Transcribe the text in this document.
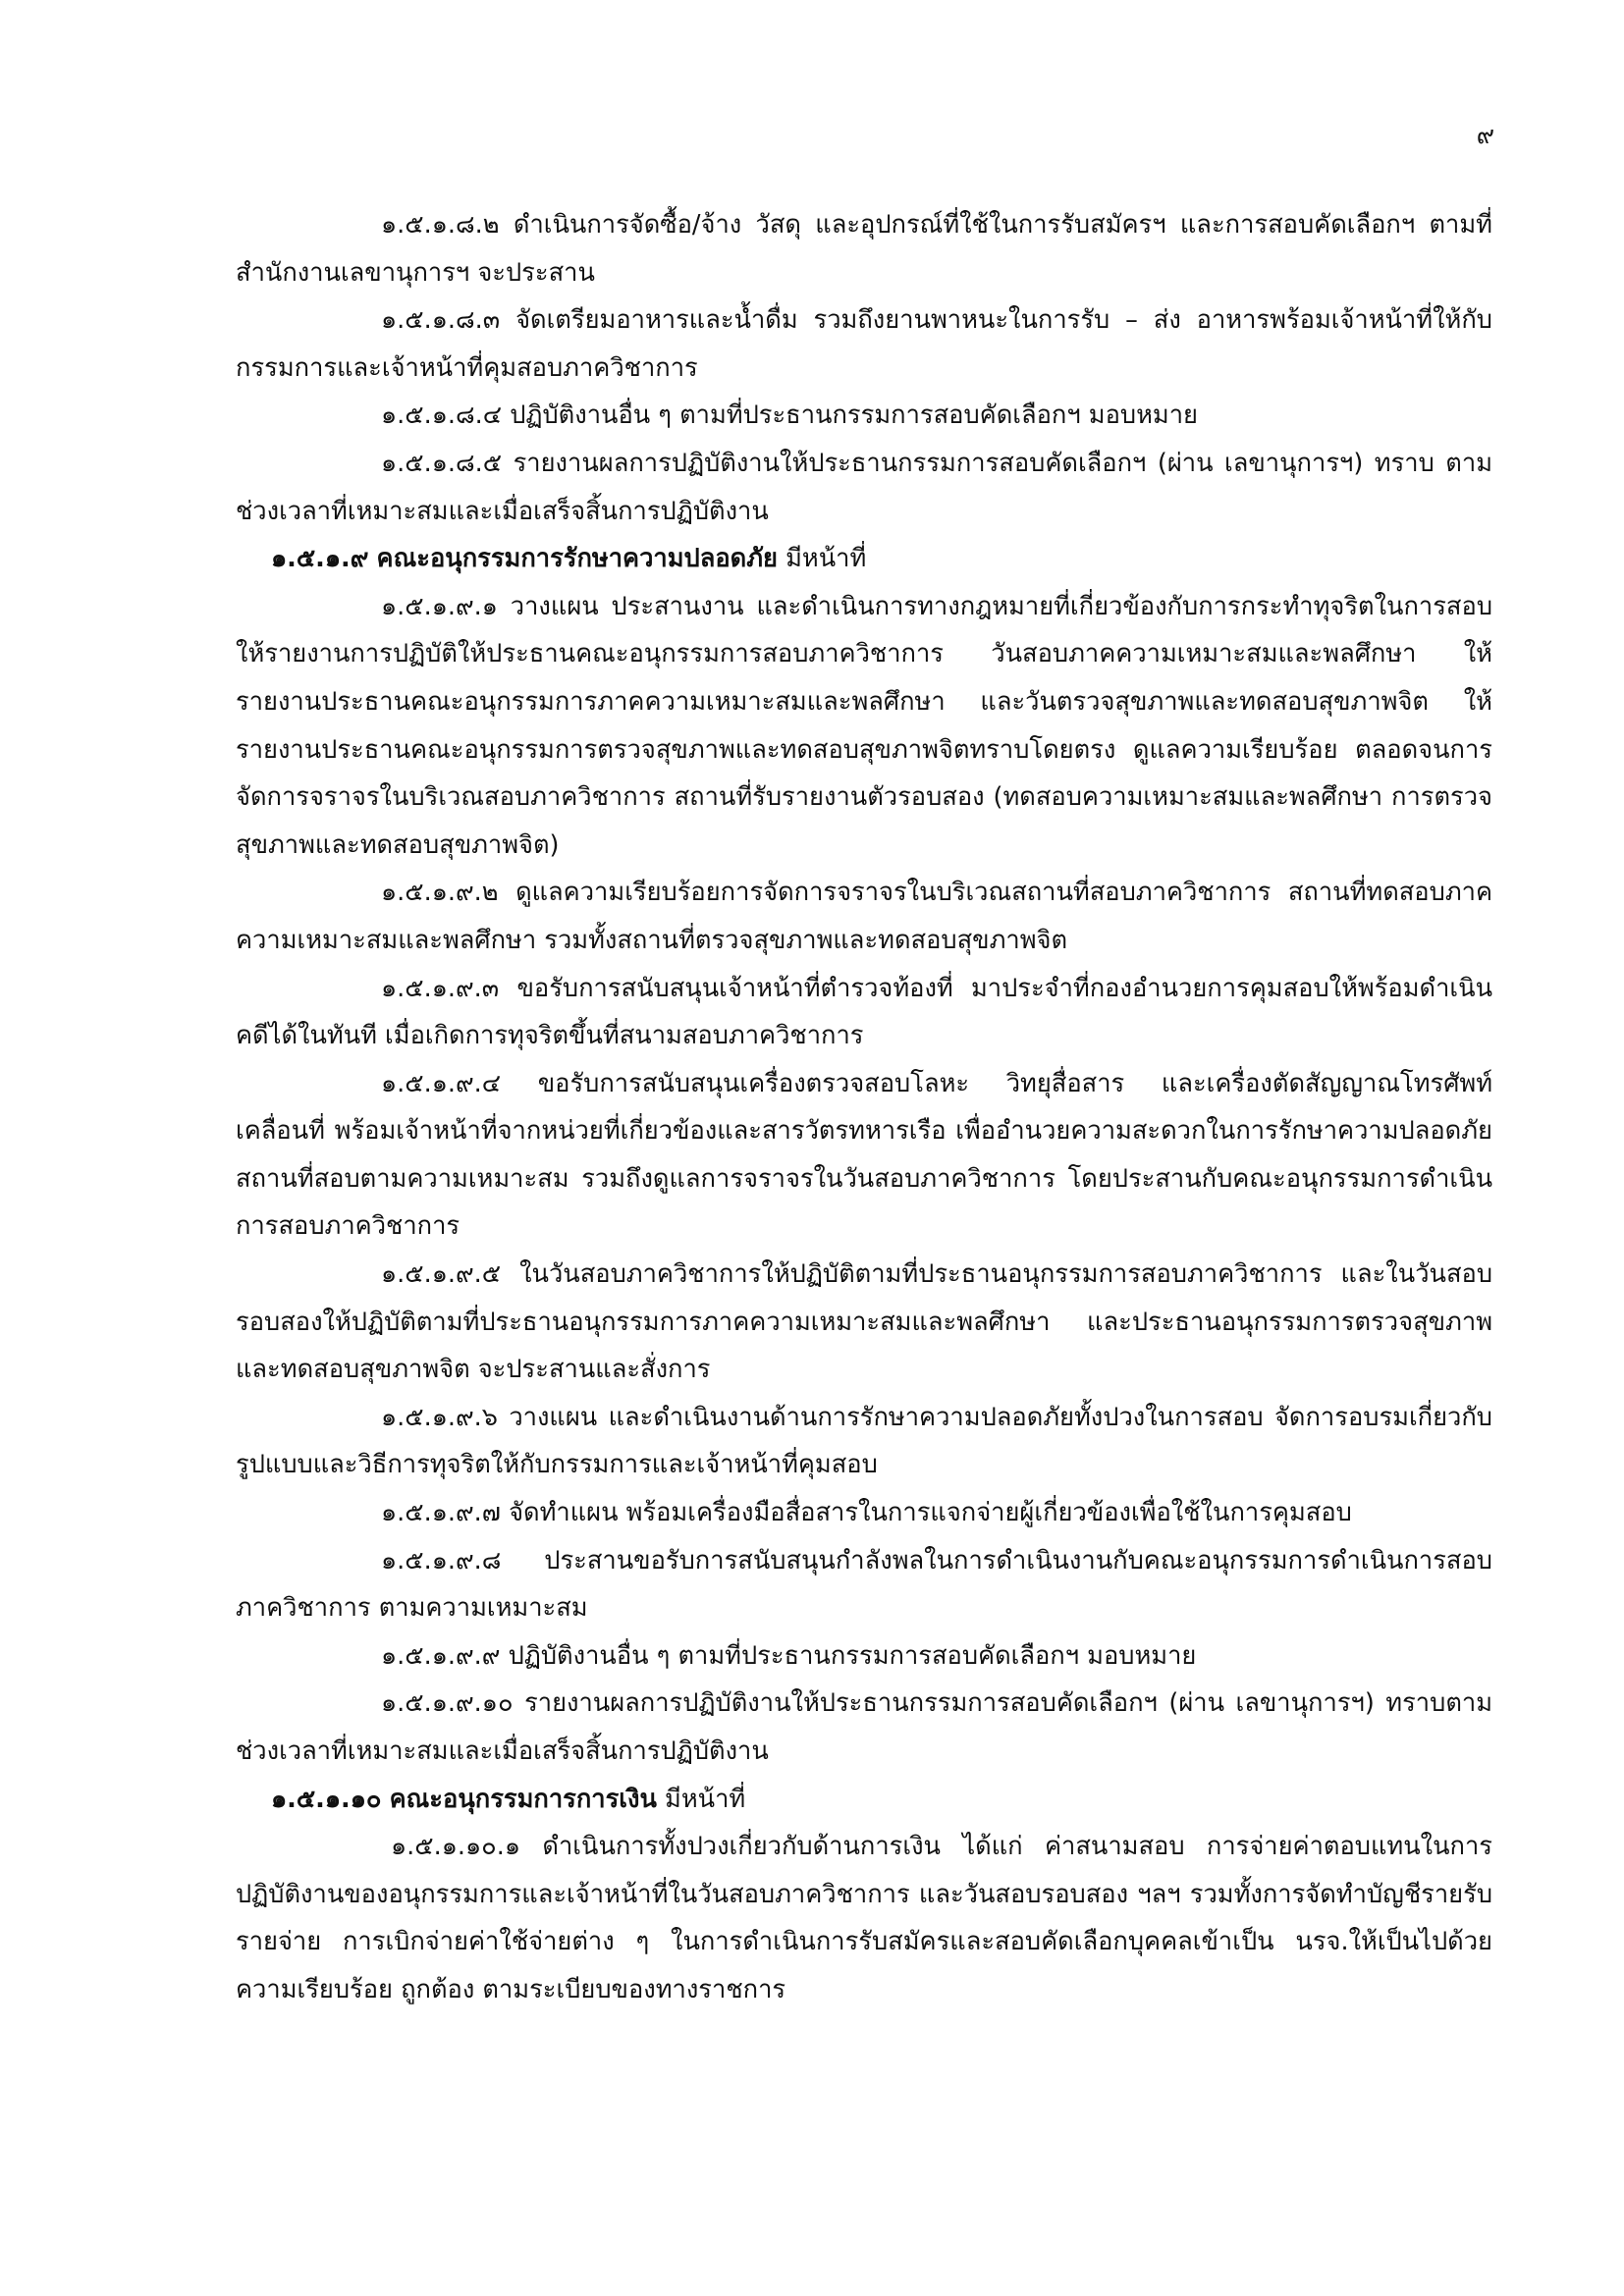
๙

๑.๕.๑.๘.๒ ดำเนินการจัดซื้อ/จ้าง วัสดุ และอุปกรณ์ที่ใช้ในการรับสมัครฯ และการสอบคัดเลือกฯ ตามที่สำนักงานเลขานุการฯ จะประสาน

๑.๕.๑.๘.๓ จัดเตรียมอาหารและน้ำดื่ม รวมถึงยานพาหนะในการรับ – ส่ง อาหารพร้อมเจ้าหน้าที่ให้กับกรรมการและเจ้าหน้าที่คุมสอบภาควิชาการ

๑.๕.๑.๘.๔ ปฏิบัติงานอื่น ๆ ตามที่ประธานกรรมการสอบคัดเลือกฯ มอบหมาย

๑.๕.๑.๘.๕ รายงานผลการปฏิบัติงานให้ประธานกรรมการสอบคัดเลือกฯ (ผ่าน เลขานุการฯ) ทราบ ตามช่วงเวลาที่เหมาะสมและเมื่อเสร็จสิ้นการปฏิบัติงาน

๑.๕.๑.๙ คณะอนุกรรมการรักษาความปลอดภัย มีหน้าที่

๑.๕.๑.๙.๑ วางแผน ประสานงาน และดำเนินการทางกฎหมายที่เกี่ยวข้องกับการกระทำทุจริตในการสอบ ให้รายงานการปฏิบัติให้ประธานคณะอนุกรรมการสอบภาควิชาการ วันสอบภาคความเหมาะสมและพลศึกษา ให้รายงานประธานคณะอนุกรรมการภาคความเหมาะสมและพลศึกษา และวันตรวจสุขภาพและทดสอบสุขภาพจิต ให้รายงานประธานคณะอนุกรรมการตรวจสุขภาพและทดสอบสุขภาพจิตทราบโดยตรง ดูแลความเรียบร้อย ตลอดจนการจัดการจราจรในบริเวณสอบภาควิชาการ สถานที่รับรายงานตัวรอบสอง (ทดสอบความเหมาะสมและพลศึกษา การตรวจสุขภาพและทดสอบสุขภาพจิต)

๑.๕.๑.๙.๒ ดูแลความเรียบร้อยการจัดการจราจรในบริเวณสถานที่สอบภาควิชาการ สถานที่ทดสอบภาคความเหมาะสมและพลศึกษา รวมทั้งสถานที่ตรวจสุขภาพและทดสอบสุขภาพจิต

๑.๕.๑.๙.๓ ขอรับการสนับสนุนเจ้าหน้าที่ตำรวจท้องที่ มาประจำที่กองอำนวยการคุมสอบให้พร้อมดำเนินคดีได้ในทันที เมื่อเกิดการทุจริตขึ้นที่สนามสอบภาควิชาการ

๑.๕.๑.๙.๔ ขอรับการสนับสนุนเครื่องตรวจสอบโลหะ วิทยุสื่อสาร และเครื่องตัดสัญญาณโทรศัพท์เคลื่อนที่ พร้อมเจ้าหน้าที่จากหน่วยที่เกี่ยวข้องและสารวัตรทหารเรือ เพื่ออำนวยความสะดวกในการรักษาความปลอดภัย สถานที่สอบตามความเหมาะสม รวมถึงดูแลการจราจรในวันสอบภาควิชาการ โดยประสานกับคณะอนุกรรมการดำเนินการสอบภาควิชาการ

๑.๕.๑.๙.๕ ในวันสอบภาควิชาการให้ปฏิบัติตามที่ประธานอนุกรรมการสอบภาควิชาการ และในวันสอบรอบสองให้ปฏิบัติตามที่ประธานอนุกรรมการภาคความเหมาะสมและพลศึกษา และประธานอนุกรรมการตรวจสุขภาพและทดสอบสุขภาพจิต จะประสานและสั่งการ

๑.๕.๑.๙.๖ วางแผน และดำเนินงานด้านการรักษาความปลอดภัยทั้งปวงในการสอบ จัดการอบรมเกี่ยวกับรูปแบบและวิธีการทุจริตให้กับกรรมการและเจ้าหน้าที่คุมสอบ

๑.๕.๑.๙.๗ จัดทำแผน พร้อมเครื่องมือสื่อสารในการแจกจ่ายผู้เกี่ยวข้องเพื่อใช้ในการคุมสอบ

๑.๕.๑.๙.๘ ประสานขอรับการสนับสนุนกำลังพลในการดำเนินงานกับคณะอนุกรรมการดำเนินการสอบภาควิชาการ ตามความเหมาะสม

๑.๕.๑.๙.๙ ปฏิบัติงานอื่น ๆ ตามที่ประธานกรรมการสอบคัดเลือกฯ มอบหมาย

๑.๕.๑.๙.๑๐ รายงานผลการปฏิบัติงานให้ประธานกรรมการสอบคัดเลือกฯ (ผ่าน เลขานุการฯ) ทราบตามช่วงเวลาที่เหมาะสมและเมื่อเสร็จสิ้นการปฏิบัติงาน

๑.๕.๑.๑๐ คณะอนุกรรมการการเงิน มีหน้าที่

๑.๕.๑.๑๐.๑ ดำเนินการทั้งปวงเกี่ยวกับด้านการเงิน ได้แก่ ค่าสนามสอบ การจ่ายค่าตอบแทนในการปฏิบัติงานของอนุกรรมการและเจ้าหน้าที่ในวันสอบภาควิชาการ และวันสอบรอบสอง ฯลฯ รวมทั้งการจัดทำบัญชีรายรับ รายจ่าย การเบิกจ่ายค่าใช้จ่ายต่าง ๆ ในการดำเนินการรับสมัครและสอบคัดเลือกบุคคลเข้าเป็น นรจ.ให้เป็นไปด้วยความเรียบร้อย ถูกต้อง ตามระเบียบของทางราชการ
